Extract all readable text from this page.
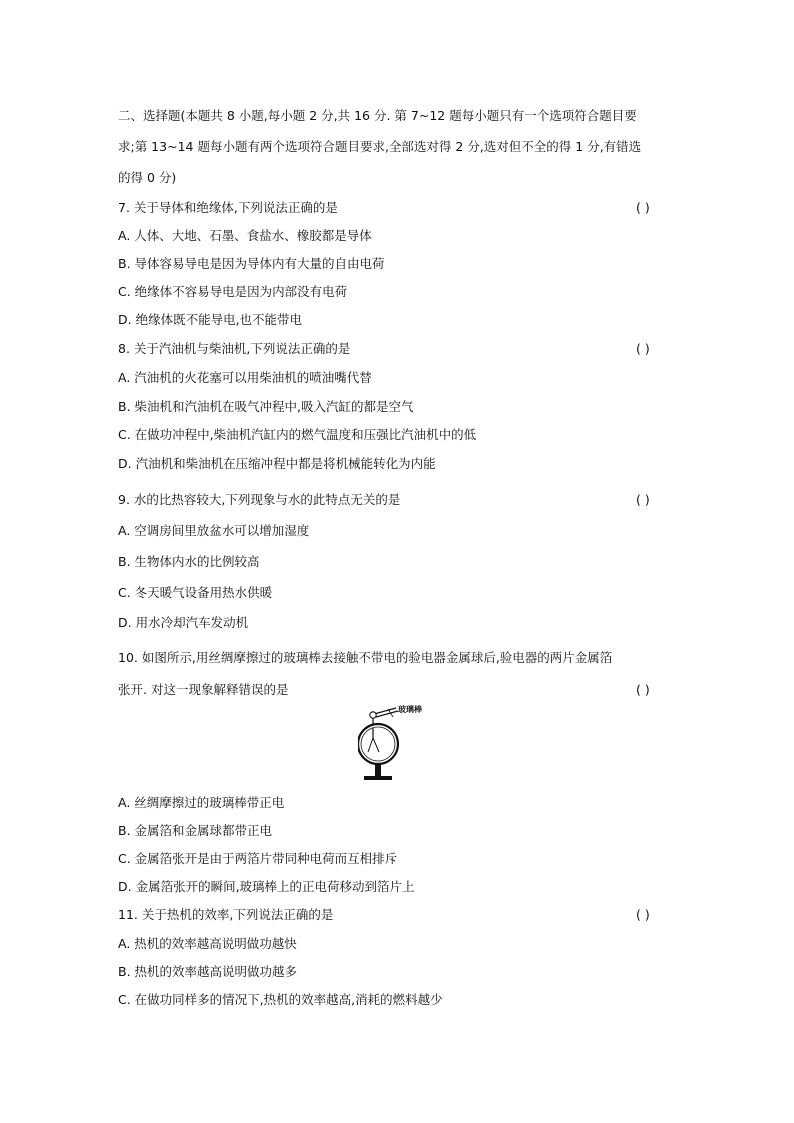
二、选择题(本题共 8 小题,每小题 2 分,共 16 分. 第 7~12 题每小题只有一个选项符合题目要
求;第 13~14 题每小题有两个选项符合题目要求,全部选对得 2 分,选对但不全的得 1 分,有错选
的得 0 分)
7. 关于导体和绝缘体,下列说法正确的是	( )
A. 人体、大地、石墨、食盐水、橡胶都是导体
B. 导体容易导电是因为导体内有大量的自由电荷
C. 绝缘体不容易导电是因为内部没有电荷
D. 绝缘体既不能导电,也不能带电
8. 关于汽油机与柴油机,下列说法正确的是	( )
A. 汽油机的火花塞可以用柴油机的喷油嘴代替
B. 柴油机和汽油机在吸气冲程中,吸入汽缸的都是空气
C. 在做功冲程中,柴油机汽缸内的燃气温度和压强比汽油机中的低
D. 汽油机和柴油机在压缩冲程中都是将机械能转化为内能
9. 水的比热容较大,下列现象与水的此特点无关的是	( )
A. 空调房间里放盆水可以增加湿度
B. 生物体内水的比例较高
C. 冬天暖气设备用热水供暖
D. 用水冷却汽车发动机
10. 如图所示,用丝绸摩擦过的玻璃棒去接触不带电的验电器金属球后,验电器的两片金属箔
张开. 对这一现象解释错误的是	( )
玻璃棒
A. 丝绸摩擦过的玻璃棒带正电
B. 金属箔和金属球都带正电
C. 金属箔张开是由于两箔片带同种电荷而互相排斥
D. 金属箔张开的瞬间,玻璃棒上的正电荷移动到箔片上
11. 关于热机的效率,下列说法正确的是	( )
A. 热机的效率越高说明做功越快
B. 热机的效率越高说明做功越多
C. 在做功同样多的情况下,热机的效率越高,消耗的燃料越少
